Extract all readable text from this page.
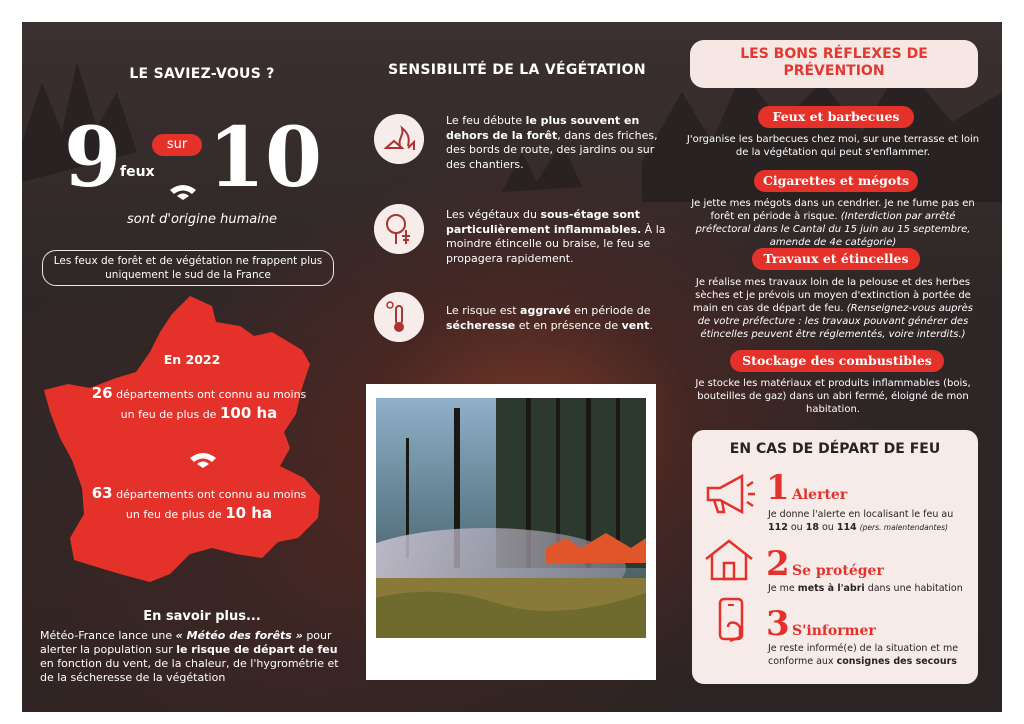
LE SAVIEZ-VOUS ?
9	sur 10
feux
sont d'origine humaine
Les feux de forêt et de végétation ne frappent plus uniquement le sud de la France
En 2022
26 départements ont connu au moins un feu de plus de 100 ha
63 départements ont connu au moins un feu de plus de 10 ha
En savoir plus...
Météo-France lance une « Météo des forêts » pour alerter la population sur le risque de départ de feu en fonction du vent, de la chaleur, de l'hygrométrie et de la sécheresse de la végétation
SENSIBILITÉ DE LA VÉGÉTATION
Le feu débute le plus souvent en dehors de la forêt, dans des friches, des bords de route, des jardins ou sur des chantiers.
Les végétaux du sous-étage sont particulièrement inflammables. À la moindre étincelle ou braise, le feu se propagera rapidement.
Le risque est aggravé en période de sécheresse et en présence de vent.
LES BONS RÉFLEXES DE PRÉVENTION
Feux et barbecues
J'organise les barbecues chez moi, sur une terrasse et loin de la végétation qui peut s'enflammer.
Cigarettes et mégots
Je jette mes mégots dans un cendrier. Je ne fume pas en forêt en période à risque. (Interdiction par arrêté préfectoral dans le Cantal du 15 juin au 15 septembre, amende de 4e catégorie)
Travaux et étincelles
Je réalise mes travaux loin de la pelouse et des herbes sèches et je prévois un moyen d'extinction à portée de main en cas de départ de feu. (Renseignez-vous auprès de votre préfecture : les travaux pouvant générer des étincelles peuvent être réglementés, voire interdits.)
Stockage des combustibles
Je stocke les matériaux et produits inflammables (bois, bouteilles de gaz) dans un abri fermé, éloigné de mon habitation.
EN CAS DE DÉPART DE FEU
1 Alerter
Je donne l'alerte en localisant le feu au 112 ou 18 ou 114 (pers. malentendantes)
2 Se protéger
Je me mets à l'abri dans une habitation
3 S'informer
Je reste informé(e) de la situation et me conforme aux consignes des secours
